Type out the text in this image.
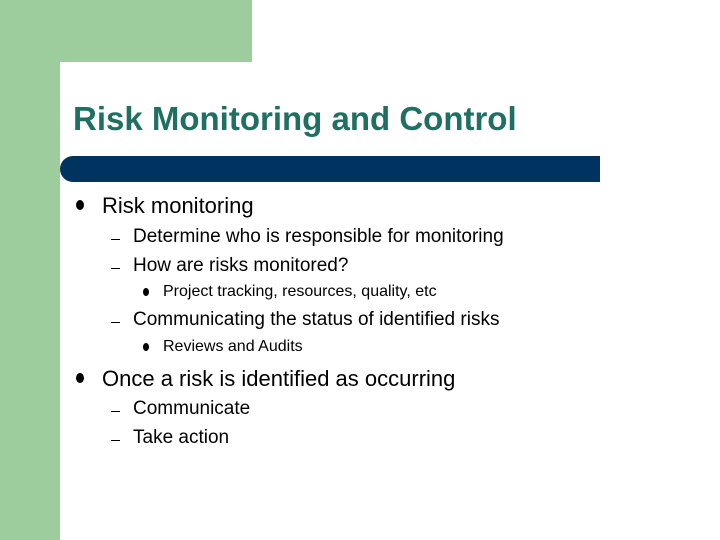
Risk Monitoring and Control
Risk monitoring
Determine who is responsible for monitoring
How are risks monitored?
Project tracking, resources, quality, etc
Communicating the status of identified risks
Reviews and Audits
Once a risk is identified as occurring
Communicate
Take action
